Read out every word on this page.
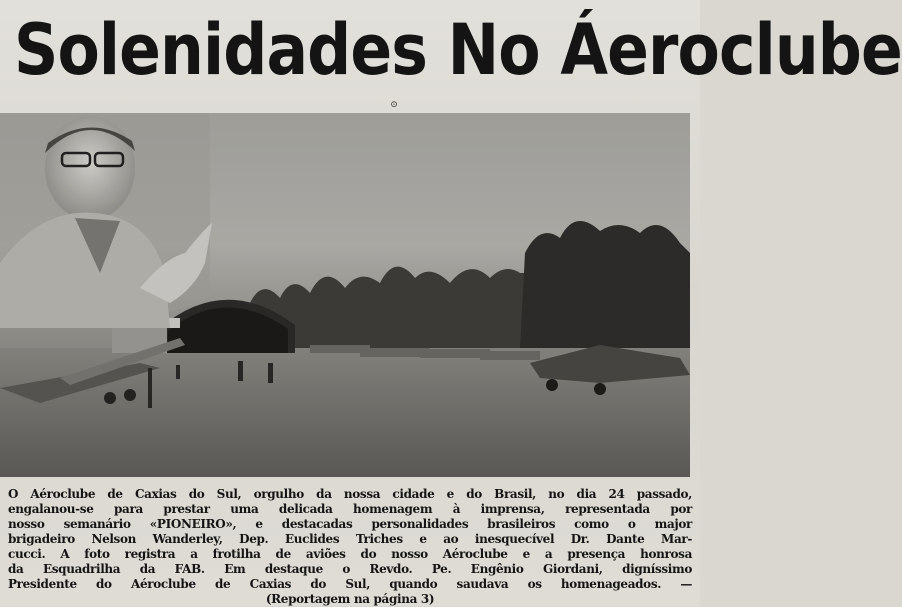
Solenidades No Áeroclube
⊙
O Aéroclube de Caxias do Sul, orgulho da nossa cidade e do Brasil, no dia 24 passado,
engalanou-se para prestar uma delicada homenagem à imprensa, representada por
nosso semanário «PIONEIRO», e destacadas personalidades brasileiros como o major
brigadeiro Nelson Wanderley, Dep. Euclides Triches e ao inesquecível Dr. Dante Mar-
cucci. A foto registra a frotilha de aviões do nosso Aéroclube e a presença honrosa
da Esquadrilha da FAB. Em destaque o Revdo. Pe. Engênio Giordani, digníssimo
Presidente do Aéroclube de Caxias do Sul, quando saudava os homenageados. —
(Reportagem na página 3)
